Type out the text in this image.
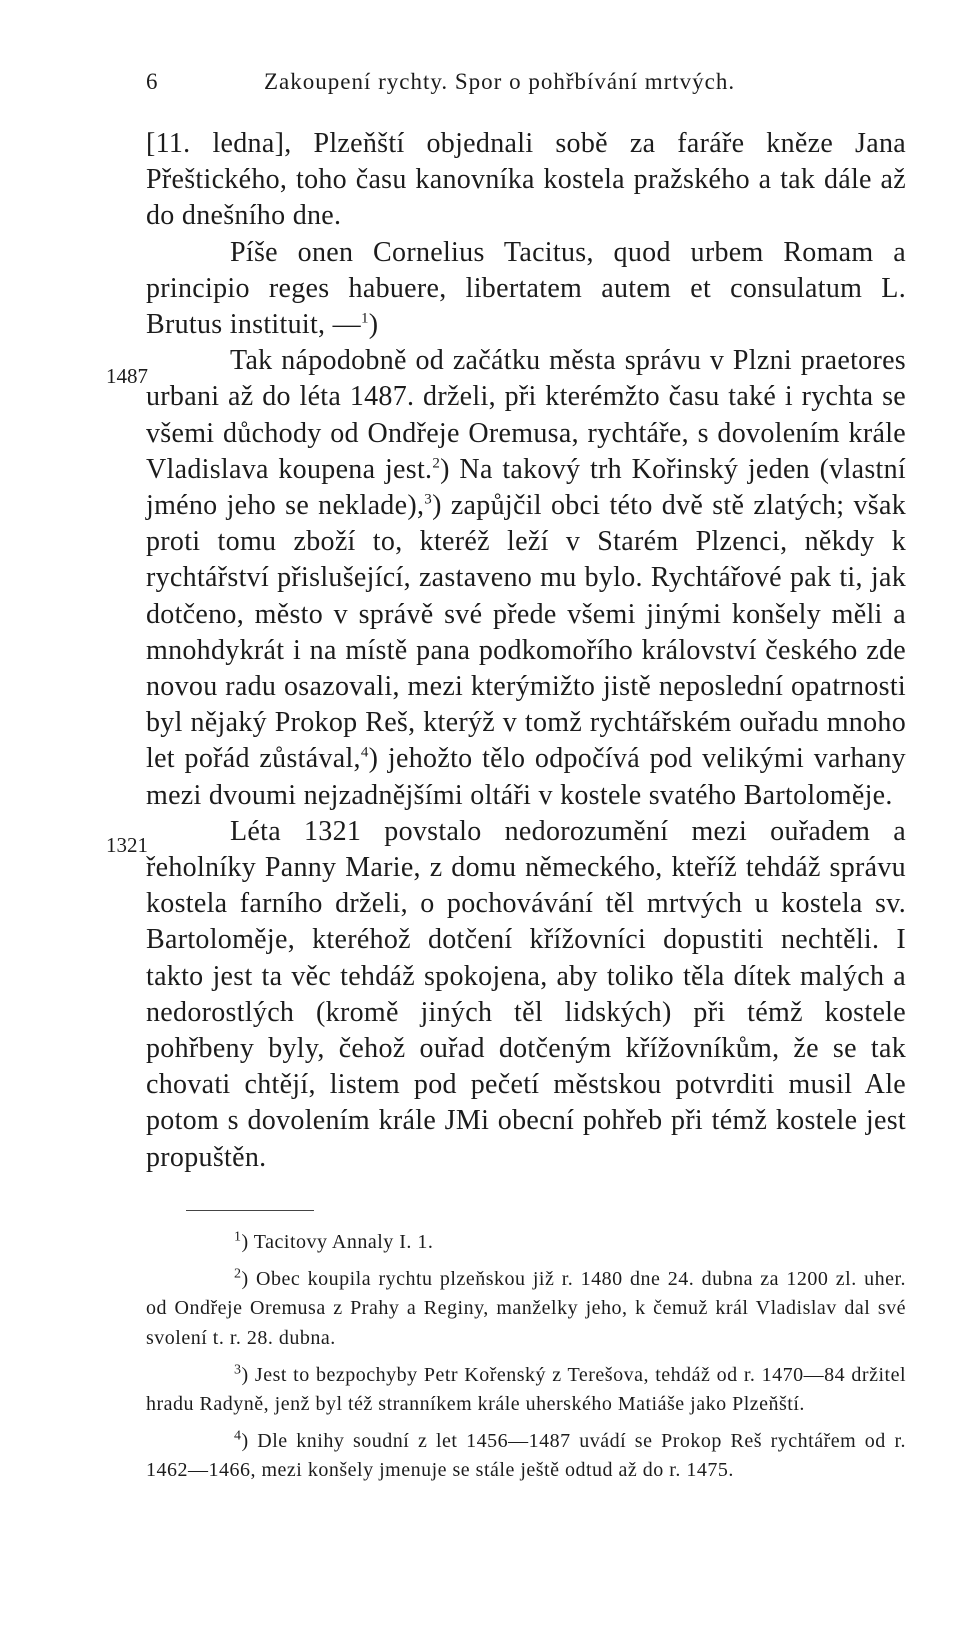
6	Zakoupení rychty. Spor o pohřbívání mrtvých.
1487
1321

[11. ledna], Plzeňští objednali sobě za faráře kněze Jana Přeštického, toho času kanovníka kostela pražského a tak dále až do dnešního dne.

Píše onen Cornelius Tacitus, quod urbem Romam a principio reges habuere, libertatem autem et consulatum L. Brutus instituit, —$^1$)

Tak nápodobně od začátku města správu v Plzni praetores urbani až do léta 1487. drželi, při kterémžto času také i rychta se všemi důchody od Ondřeje Oremusa, rychtáře, s dovolením krále Vladislava koupena jest.$^2$) Na takový trh Kořinský jeden (vlastní jméno jeho se neklade),$^3$) zapůjčil obci této dvě stě zlatých; však proti tomu zboží to, kteréž leží v Starém Plzenci, někdy k rychtářství přislušející, zastaveno mu bylo. Rychtářové pak ti, jak dotčeno, město v správě své přede všemi jinými konšely měli a mnohdykrát i na místě pana podkomořího království českého zde novou radu osazovali, mezi kterýmižto jistě neposlední opatrnosti byl nějaký Prokop Reš, kterýž v tomž rychtářském ouřadu mnoho let pořád zůstával,$^4$) jehožto tělo odpočívá pod velikými varhany mezi dvoumi nejzadnějšími oltáři v kostele svatého Bartoloměje.

Léta 1321 povstalo nedorozumění mezi ouřadem a řeholníky Panny Marie, z domu německého, kteříž tehdáž správu kostela farního drželi, o pochovávání těl mrtvých u kostela sv. Bartoloměje, kteréhož dotčení křížovníci dopustiti nechtěli. I takto jest ta věc tehdáž spokojena, aby toliko těla dítek malých a nedorostlých (kromě jiných těl lidských) při témž kostele pohřbeny byly, čehož ouřad dotčeným křížovníkům, že se tak chovati chtějí, listem pod pečetí městskou potvrditi musil Ale potom s dovolením krále JMi obecní pohřeb při témž kostele jest propuštěn.

$^1$) Tacitovy Annaly I. 1.

$^2$) Obec koupila rychtu plzeňskou již r. 1480 dne 24. dubna za 1200 zl. uher. od Ondřeje Oremusa z Prahy a Reginy, manželky jeho, k čemuž král Vladislav dal své svolení t. r. 28. dubna.

$^3$) Jest to bezpochyby Petr Kořenský z Terešova, tehdáž od r. 1470—84 držitel hradu Radyně, jenž byl též stranníkem krále uherského Matiáše jako Plzeňští.

$^4$) Dle knihy soudní z let 1456—1487 uvádí se Prokop Reš rychtářem od r. 1462—1466, mezi konšely jmenuje se stále ještě odtud až do r. 1475.
